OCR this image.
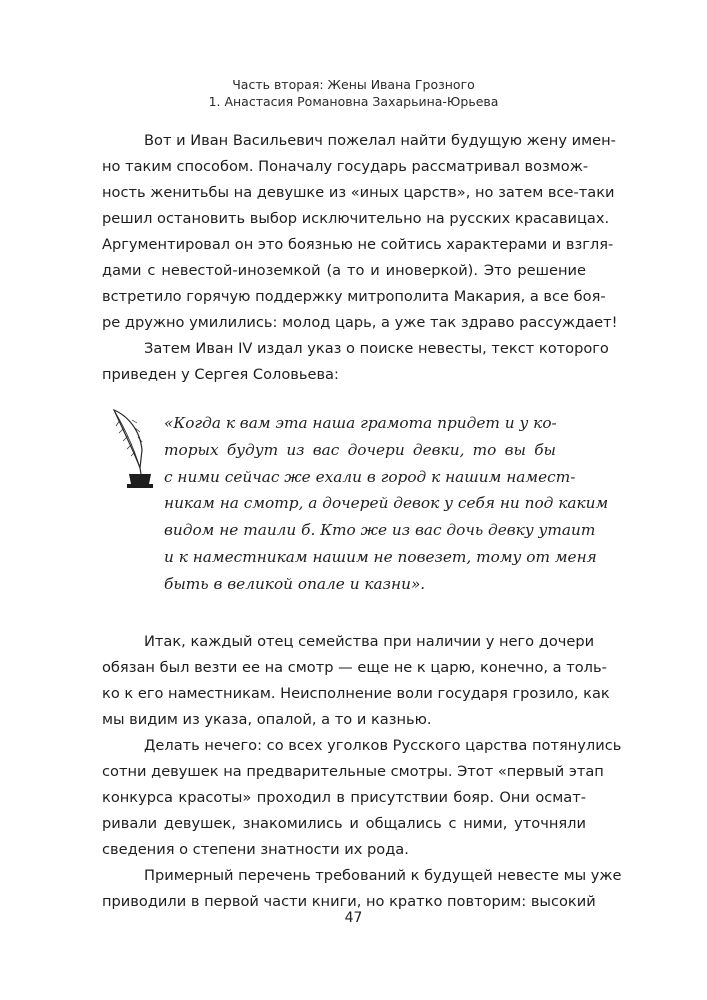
Часть вторая: Жены Ивана Грозного
1. Анастасия Романовна Захарьина-Юрьева

Вот и Иван Васильевич пожелал найти будущую жену имен-
но таким способом. Поначалу государь рассматривал возмож-
ность женитьбы на девушке из «иных царств», но затем все-таки
решил остановить выбор исключительно на русских красавицах.
Аргументировал он это боязнью не сойтись характерами и взгля-
дами с невестой-иноземкой (а то и иноверкой). Это решение
встретило горячую поддержку митрополита Макария, а все боя-
ре дружно умилились: молод царь, а уже так здраво рассуждает!

Затем Иван IV издал указ о поиске невесты, текст которого
приведен у Сергея Соловьева:

«Когда к вам эта наша грамота придет и у ко-
торых будут из вас дочери девки, то вы бы
с ними сейчас же ехали в город к нашим намест-
никам на смотр, а дочерей девок у себя ни под каким
видом не таили б. Кто же из вас дочь девку утаит
и к наместникам нашим не повезет, тому от меня
быть в великой опале и казни».

Итак, каждый отец семейства при наличии у него дочери
обязан был везти ее на смотр — еще не к царю, конечно, а толь-
ко к его наместникам. Неисполнение воли государя грозило, как
мы видим из указа, опалой, а то и казнью.

Делать нечего: со всех уголков Русского царства потянулись
сотни девушек на предварительные смотры. Этот «первый этап
конкурса красоты» проходил в присутствии бояр. Они осмат-
ривали девушек, знакомились и общались с ними, уточняли
сведения о степени знатности их рода.

Примерный перечень требований к будущей невесте мы уже
приводили в первой части книги, но кратко повторим: высокий

47
